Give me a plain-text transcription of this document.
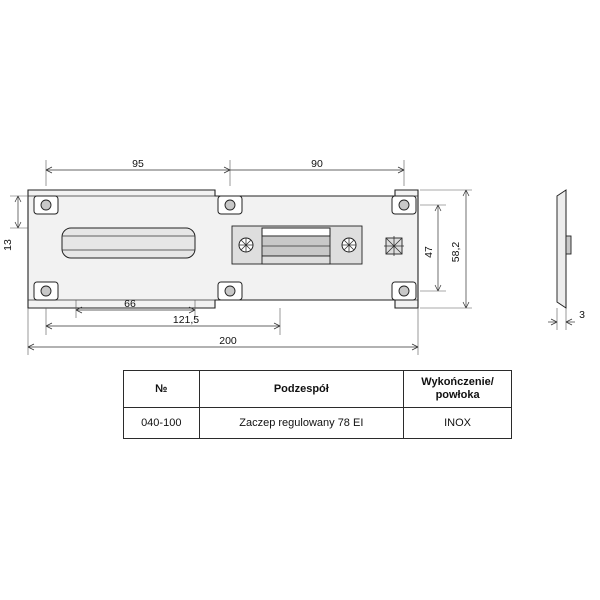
95	90
13
47 58,2
66
121,5
200
3
№	Podzespół	Wykończenie/
powłoka
040-100	Zaczep regulowany 78 EI	INOX
